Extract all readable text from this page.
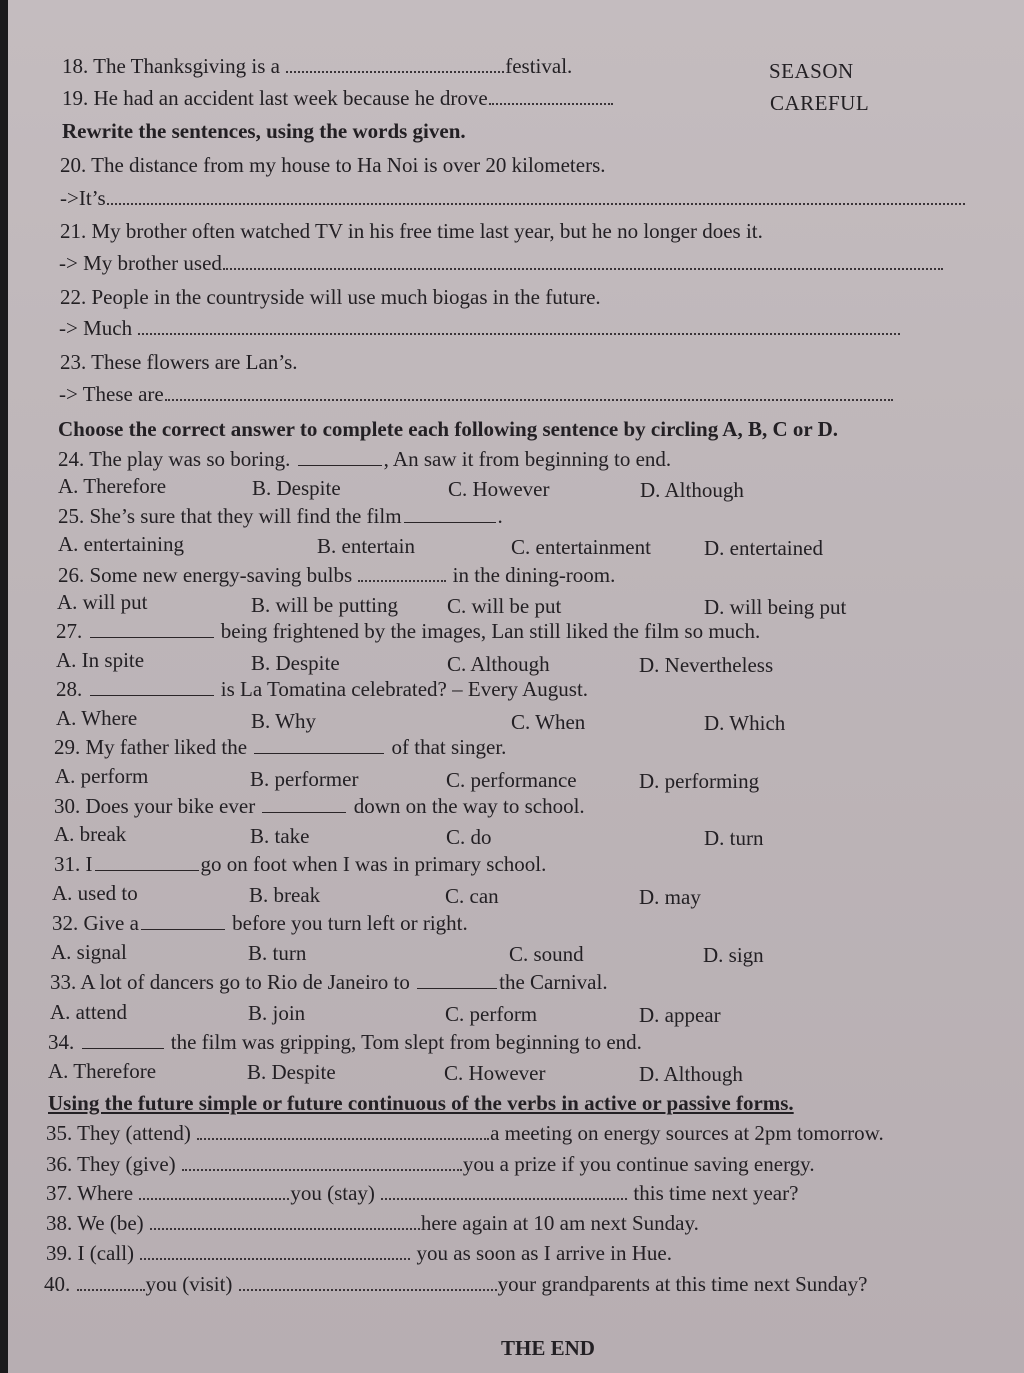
18. The Thanksgiving is a	festival.	SEASON
19. He had an accident last week because he drove	CAREFUL
Rewrite the sentences, using the words given.
20. The distance from my house to Ha Noi is over 20 kilometers.
->It’s
21. My brother often watched TV in his free time last year, but he no longer does it.
-> My brother used
22. People in the countryside will use much biogas in the future.
-> Much
23. These flowers are Lan’s.
-> These are
Choose the correct answer to complete each following sentence by circling A, B, C or D.
24. The play was so boring.	, An saw it from beginning to end.
A. Therefore	B. Despite	C. However	D. Although
25. She’s sure that they will find the film	.
A. entertaining	B. entertain	C. entertainment	D. entertained
26. Some new energy-saving bulbs	in the dining-room.
A. will put	B. will be putting C. will be put	D. will being put
27.	being frightened by the images, Lan still liked the film so much.
A. In spite	B. Despite	C. Although	D. Nevertheless
28.	is La Tomatina celebrated? – Every August.
A. Where	B. Why	C. When	D. Which
29. My father liked the	of that singer.
A. perform	B. performer	C. performance	D. performing
30. Does your bike ever	down on the way to school.
A. break	B. take	C. do	D. turn
31. I	go on foot when I was in primary school.
A. used to	B. break	C. can	D. may
32. Give a	before you turn left or right.
A. signal	B. turn	C. sound	D. sign
33. A lot of dancers go to Rio de Janeiro to	the Carnival.
A. attend	B. join	C. perform	D. appear
34.	the film was gripping, Tom slept from beginning to end.
A. Therefore	B. Despite	C. However	D. Although
Using the future simple or future continuous of the verbs in active or passive forms.
35. They (attend)	a meeting on energy sources at 2pm tomorrow.
36. They (give)	you a prize if you continue saving energy.
37. Where	you (stay)	this time next year?
38. We (be)	here again at 10 am next Sunday.
39. I (call)	you as soon as I arrive in Hue.
40.	you (visit)	your grandparents at this time next Sunday?
THE END
